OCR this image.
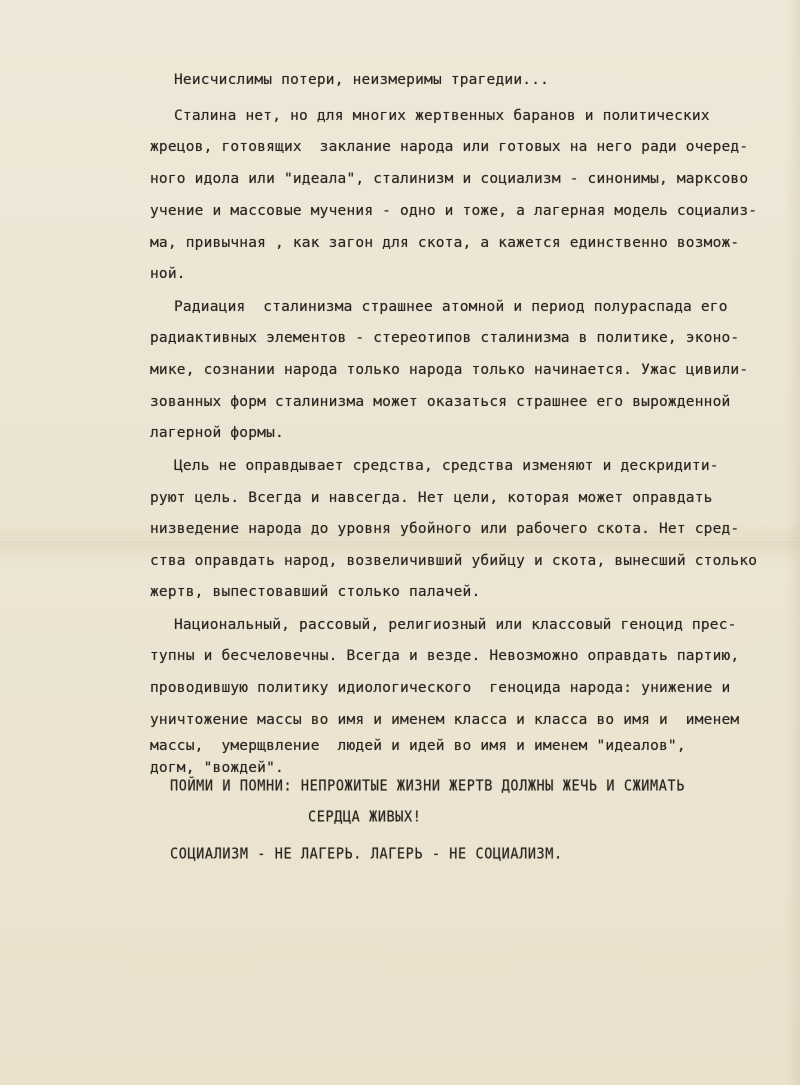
Неисчислимы потери, неизмеримы трагедии...
Сталина нет, но для многих жертвенных баранов и политических
жрецов, готовящих  заклание народа или готовых на него ради очеред-
ного идола или "идеала", сталинизм и социализм - синонимы, марксово
учение и массовые мучения - одно и тоже, а лагерная модель социализ-
ма, привычная , как загон для скота, а кажется единственно возмож-
ной.
Радиация  сталинизма страшнее атомной и период полураспада его
радиактивных элементов - стереотипов сталинизма в политике, эконо-
мике, сознании народа только народа только начинается. Ужас цивили-
зованных форм сталинизма может оказаться страшнее его вырожденной
лагерной формы.
Цель не оправдывает средства, средства изменяют и дескридити-
руют цель. Всегда и навсегда. Нет цели, которая может оправдать
низведение народа до уровня убойного или рабочего скота. Нет сред-
ства оправдать народ, возвеличивший убийцу и скота, вынесший столько
жертв, выпестовавший столько палачей.
Национальный, рассовый, религиозный или классовый геноцид прес-
тупны и бесчеловечны. Всегда и везде. Невозможно оправдать партию,
проводившую политику идиологического  геноцида народа: унижение и
уничтожение массы во имя и именем класса и класса во имя и  именем
массы,  умерщвление  людей и идей во имя и именем "идеалов",
догм, "вождей".
ПОЙМИ И ПОМНИ: НЕПРОЖИТЫЕ ЖИЗНИ ЖЕРТВ ДОЛЖНЫ ЖЕЧЬ И СЖИМАТЬ
СЕРДЦА ЖИВЫХ!
СОЦИАЛИЗМ - НЕ ЛАГЕРЬ. ЛАГЕРЬ - НЕ СОЦИАЛИЗМ.
